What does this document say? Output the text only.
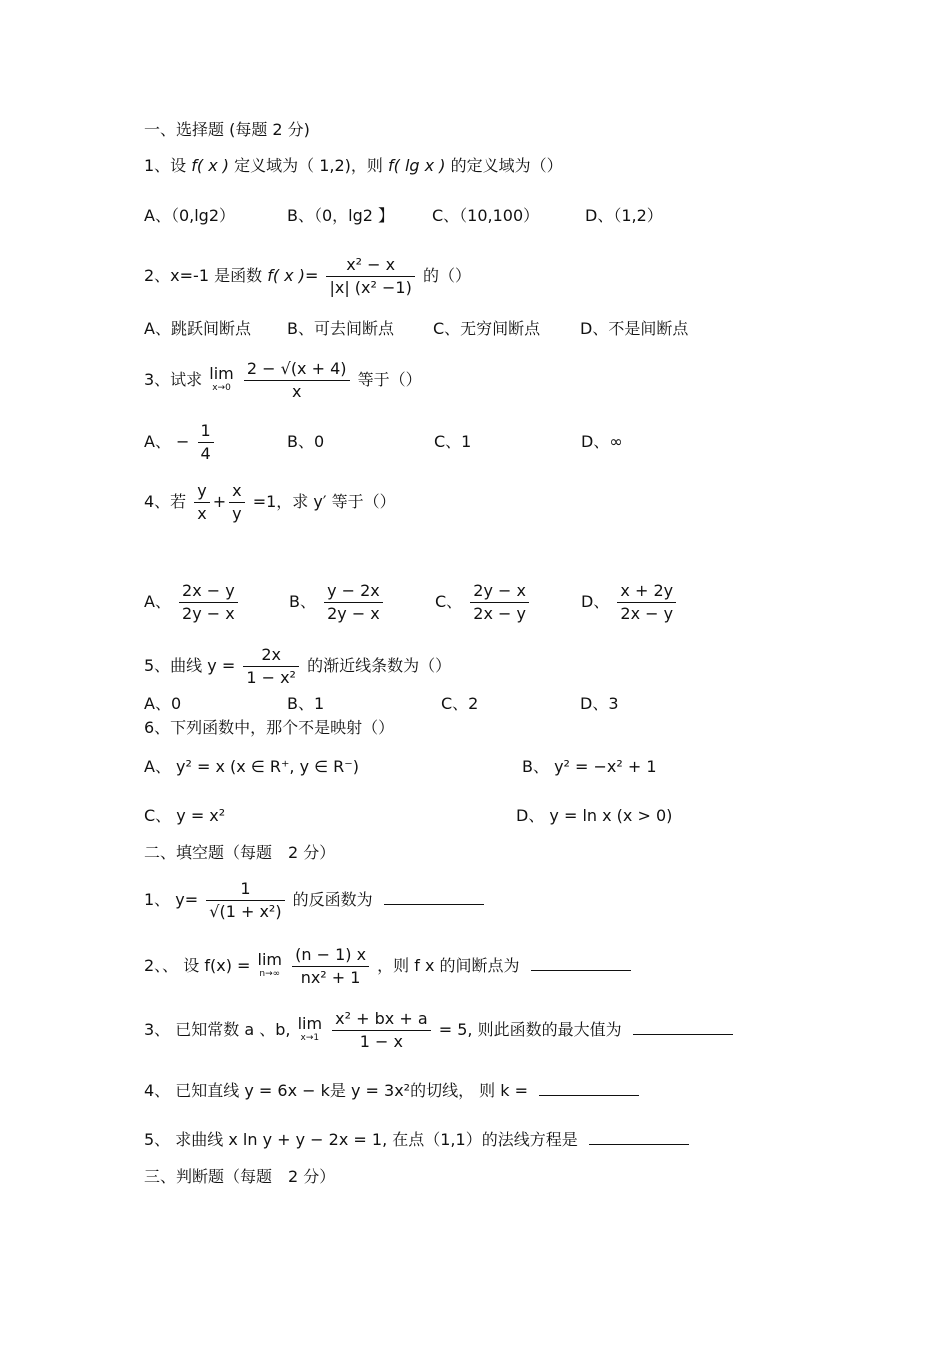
一、选择题 (每题 2 分)
1、设 f( x ) 定义域为（ 1,2)，则 f( lg x ) 的定义域为（）
A、（0,lg2）	B、（0，lg2 】 C、（10,100）	D、（1,2）
2、x=-1 是函数 f( x )= $\frac{\text{x² − x}}{\text{|x| (x² −1)}}$ 的（）
A、跳跃间断点 B、可去间断点 C、无穷间断点 D、不是间断点
3、试求 lim
x→0
$\frac{2 - √(x + 4)}{x}$ 等于（）
A、 − $\frac{1}{4}$	B、0	C、1	D、∞
4、若 $\frac{y}{x} + \frac{x}{y} =1$，求 y′ 等于（）
A、 $\frac{2x - y}{2y - x}$	B、 $\frac{y - 2x}{2y - x}$	C、 $\frac{2y - x}{2x - y}$	D、 $\frac{x + 2y}{2x - y}$
5、曲线 $y = \frac{2x}{\text{1 − x²}}$ 的渐近线条数为（）
A、0	B、1	C、2	D、3
6、下列函数中，那个不是映射（）
A、 y² = x (x ∈ R⁺, y ∈ R⁻)	B、 y² = −x² + 1
C、 y = x²	D、 y = ln x (x > 0)
二、填空题（每题　2 分）
1、 $y= \frac{1}{\text{√(1 + x²)}}$ 的反函数为
2、、 设 f(x) = lim
n→∞
$\frac{(n - 1) x}{\text{nx² + 1}}$ ，则 f x 的间断点为
3、 已知常数 a 、b, lim
x→1
$\frac{\text{x² + bx + a}}{1 - x} = 5$, 则此函数的最大值为
4、 已知直线 y = 6x − k是 y = 3x²的切线， 则 k =
5、 求曲线 x ln y + y − 2x = 1, 在点（1,1）的法线方程是
三、判断题（每题　2 分）
